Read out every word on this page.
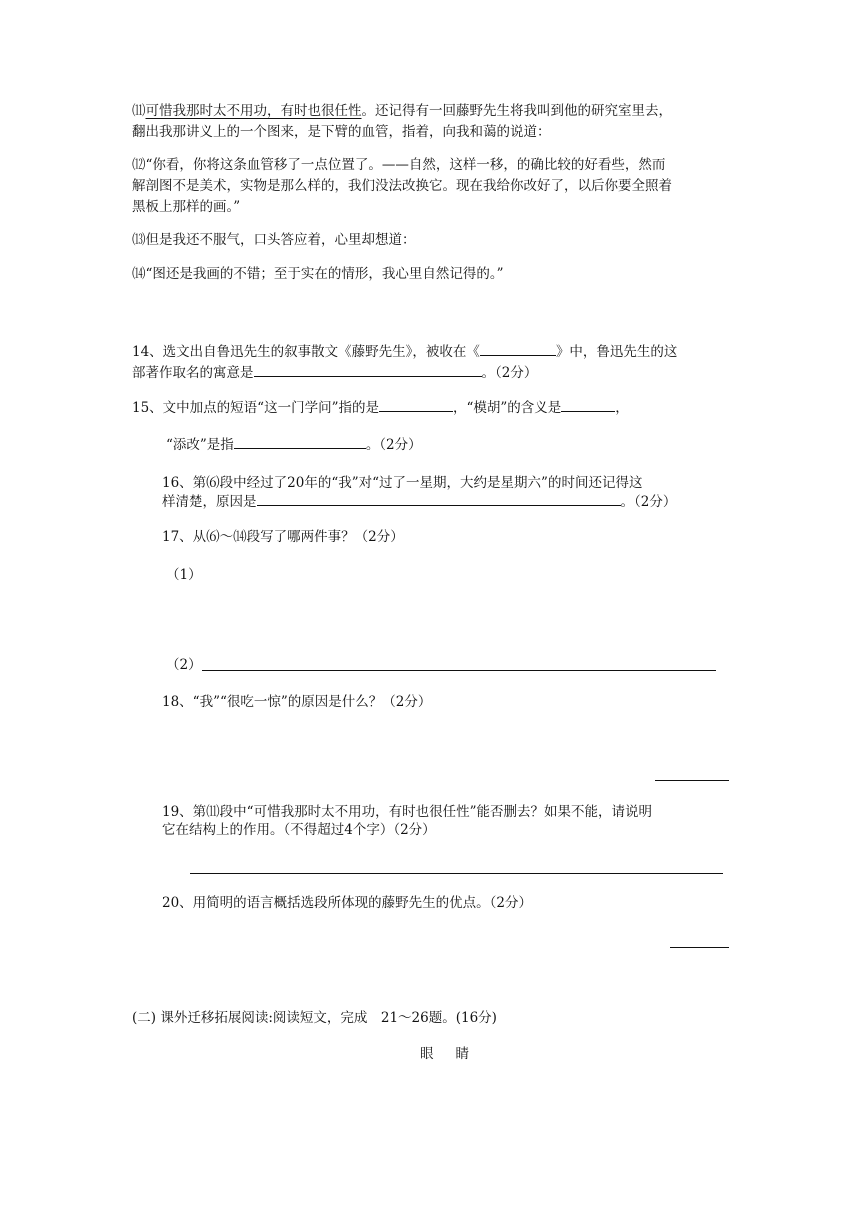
⑾可惜我那时太不用功，有时也很任性。还记得有一回藤野先生将我叫到他的研究室里去，

翻出我那讲义上的一个图来，是下臂的血管，指着，向我和蔼的说道：

⑿“你看，你将这条血管移了一点位置了。——自然，这样一移，的确比较的好看些，然而

解剖图不是美术，实物是那么样的，我们没法改换它。现在我给你改好了，以后你要全照着

黑板上那样的画。”

⒀但是我还不服气，口头答应着，心里却想道：

⒁“图还是我画的不错；至于实在的情形，我心里自然记得的。”

14、选文出自鲁迅先生的叙事散文《藤野先生》，被收在《	》中，鲁迅先生的这

部著作取名的寓意是	。（2分）

15、文中加点的短语“这一门学问”指的是	，“模胡”的含义是	，

“添改”是指	。（2分）

16、第⑹段中经过了20年的“我”对“过了一星期，大约是星期六”的时间还记得这

样清楚，原因是	。（2分）

17、从⑹～⒁段写了哪两件事？（2分）

（1）

（2）

18、“我”“很吃一惊”的原因是什么？（2分）

19、第⑾段中“可惜我那时太不用功，有时也很任性”能否删去？如果不能，请说明

它在结构上的作用。（不得超过4个字）（2分）

20、用简明的语言概括选段所体现的藤野先生的优点。（2分）

(二) 课外迁移拓展阅读:阅读短文，完成　21～26题。(16分)

眼睛
